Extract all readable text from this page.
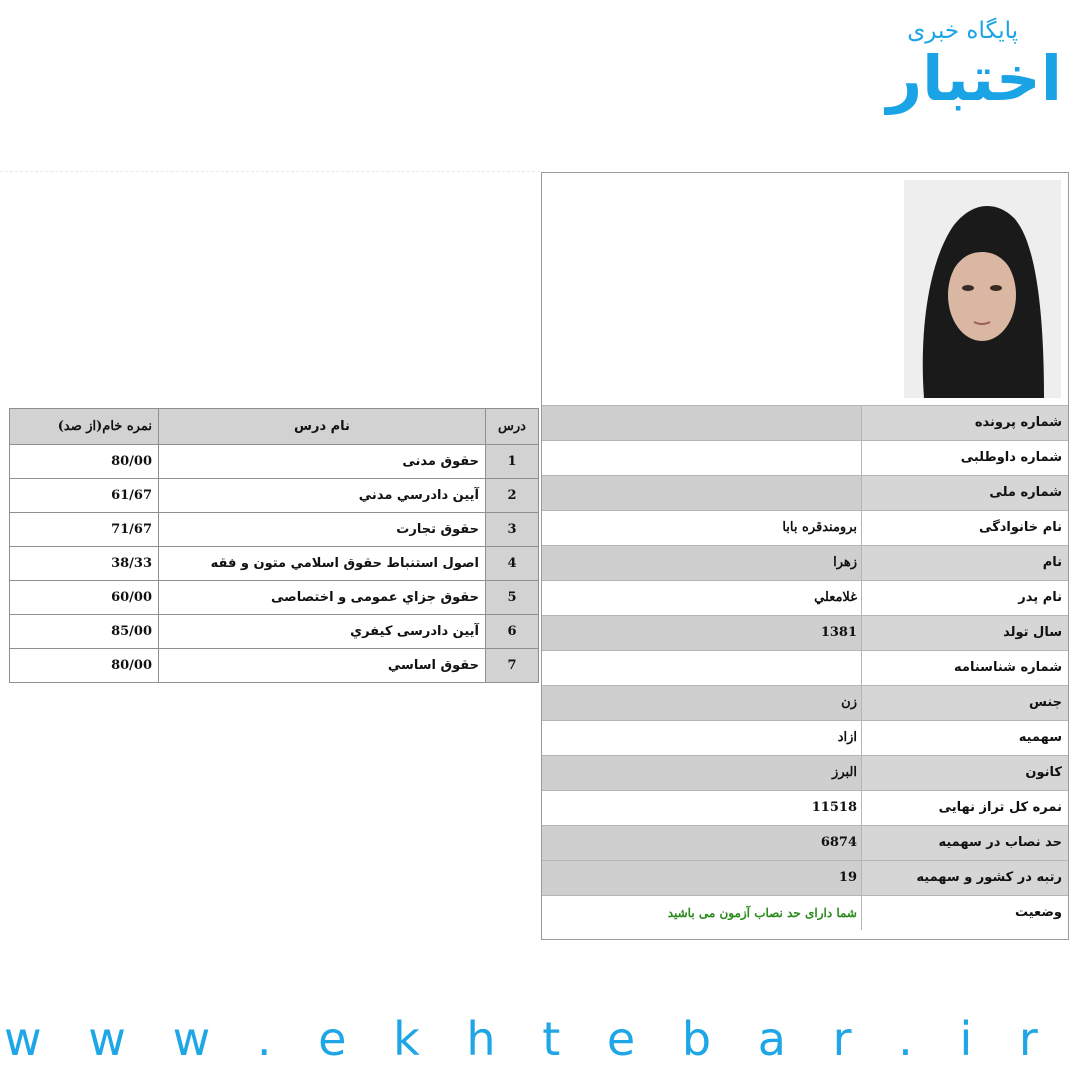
پایگاه خبری
اختبار
شماره پرونده
شماره داوطلبی
شماره ملی
برومندقره بابا	نام خانوادگی
زهرا	نام
غلامعلي	نام پدر
1381	سال تولد
شماره شناسنامه
زن	جنس
ازاد	سهمیه
البرز	کانون
11518	نمره کل تراز نهایی
6874	حد نصاب در سهمیه
19	رتبه در کشور و سهمیه
شما دارای حد نصاب آزمون می باشید	وضعیت
نمره خام(از صد)	نام درس	درس
80/00	حقوق مدنی	1
61/67	آيين دادرسي مدني	2
71/67	حقوق تجارت	3
38/33	اصول استنباط حقوق اسلامي متون و فقه	4
60/00	حقوق جزاي عمومی و اختصاصی	5
85/00	آيين دادرسی كيفري	6
80/00	حقوق اساسي	7
w w w . e k h t e b a r . i r
